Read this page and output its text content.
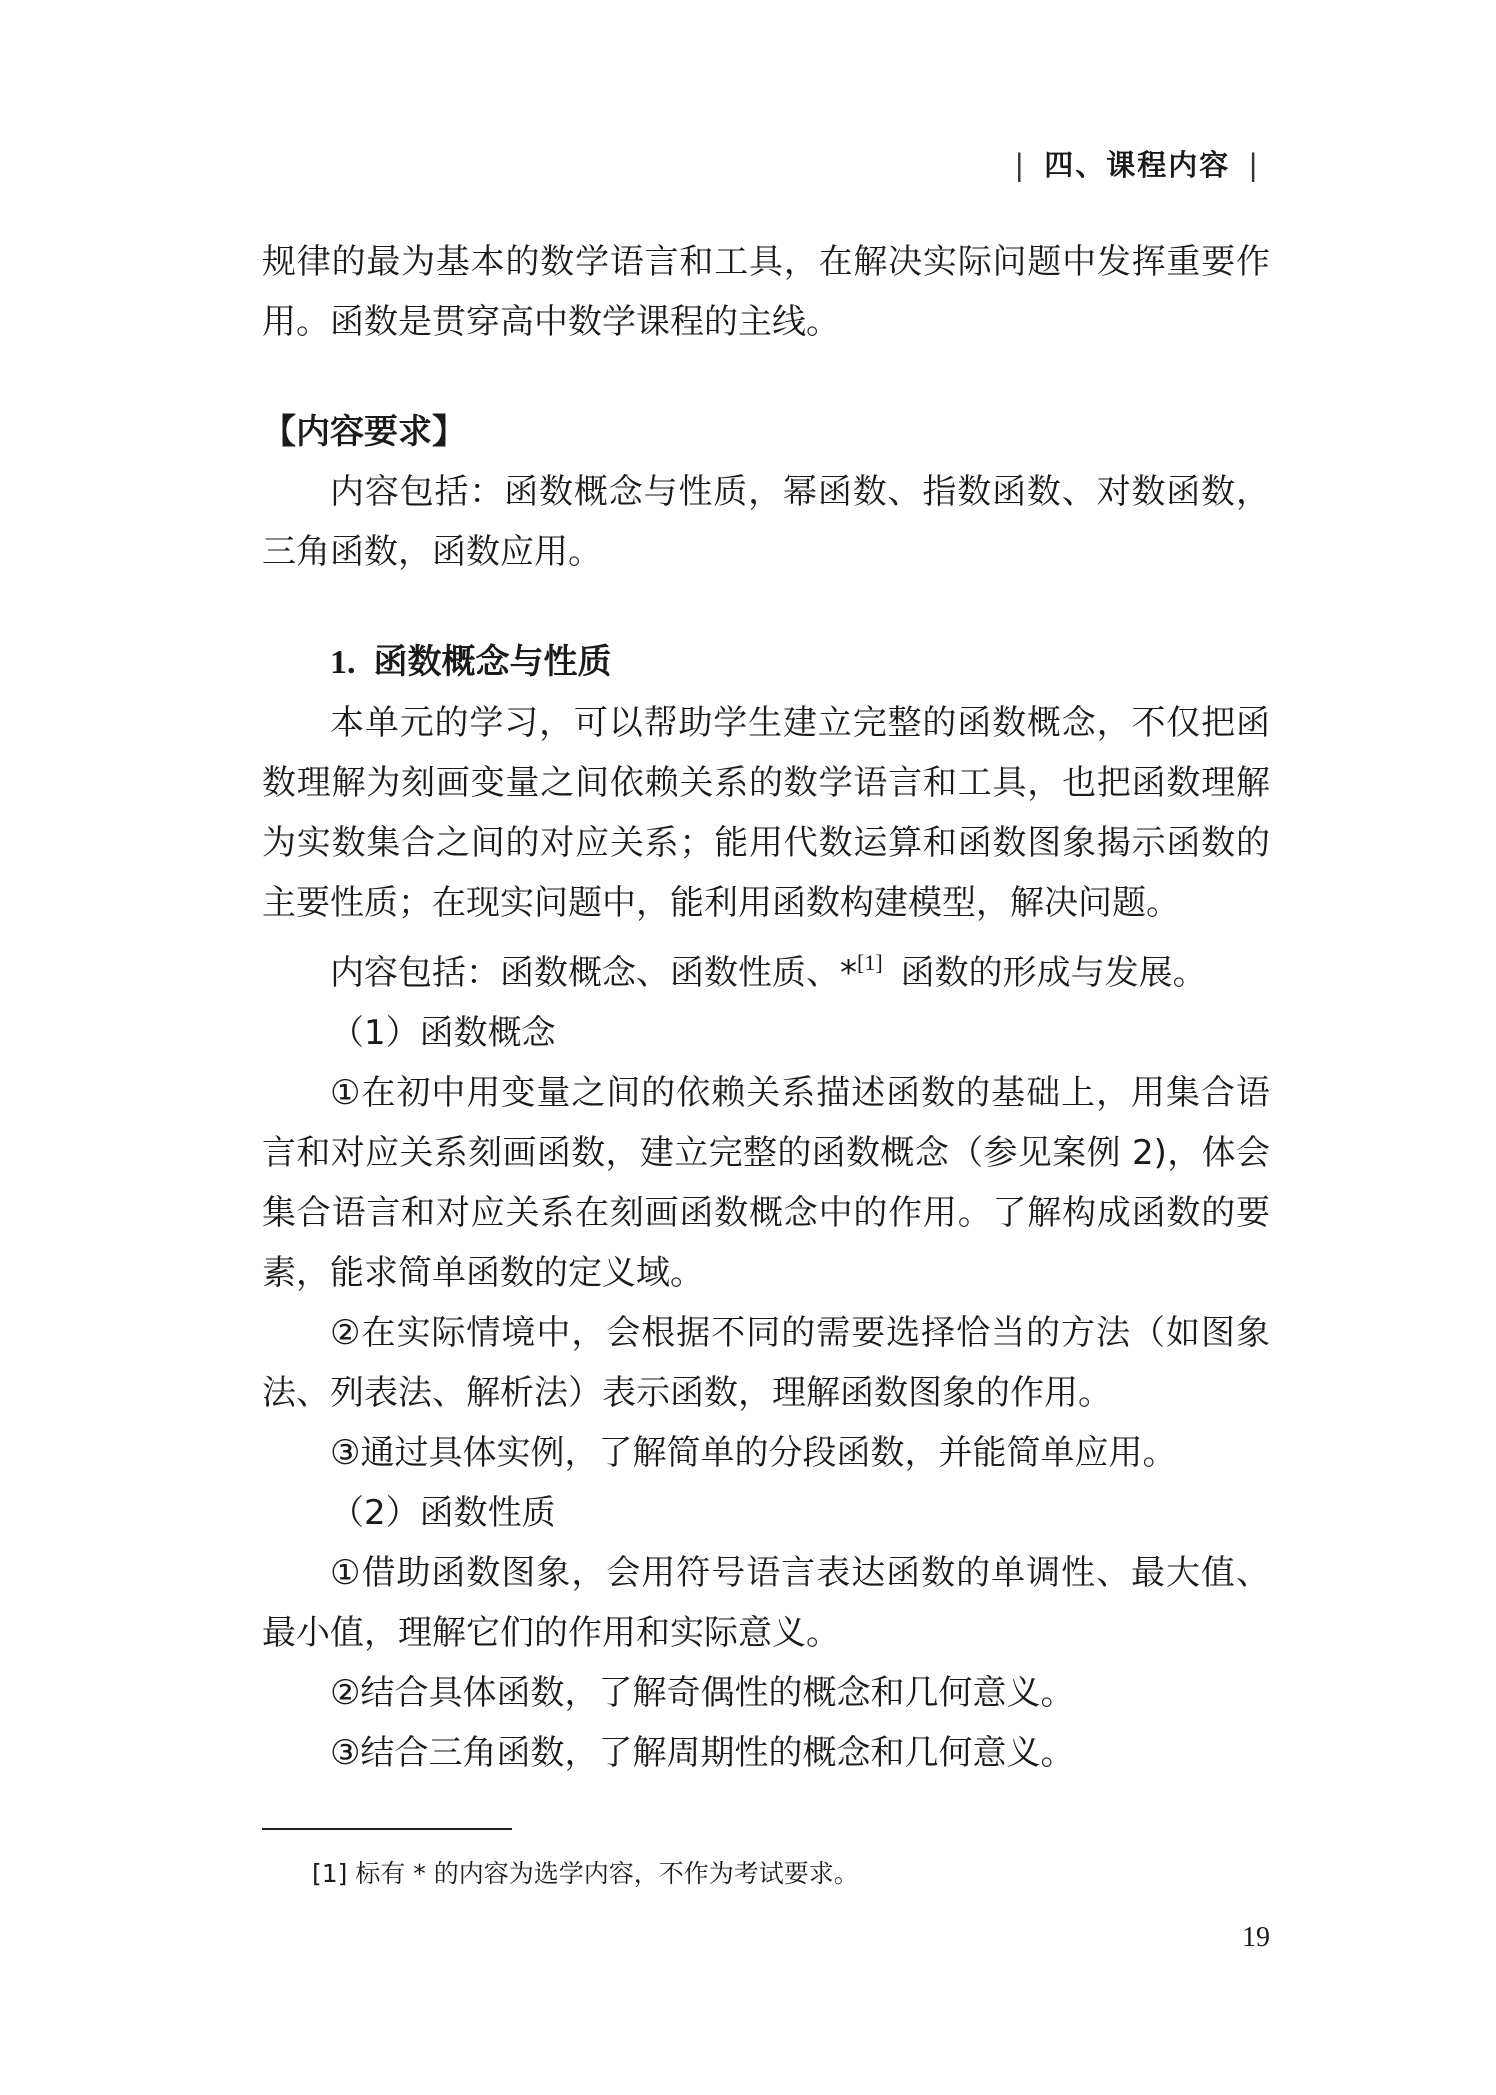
| 四、课程内容 |

规律的最为基本的数学语言和工具，在解决实际问题中发挥重要作用。函数是贯穿高中数学课程的主线。

【内容要求】

内容包括：函数概念与性质，幂函数、指数函数、对数函数，三角函数，函数应用。

1. 函数概念与性质

本单元的学习，可以帮助学生建立完整的函数概念，不仅把函数理解为刻画变量之间依赖关系的数学语言和工具，也把函数理解为实数集合之间的对应关系；能用代数运算和函数图象揭示函数的主要性质；在现实问题中，能利用函数构建模型，解决问题。

内容包括：函数概念、函数性质、*[1] 函数的形成与发展。

（1）函数概念

①在初中用变量之间的依赖关系描述函数的基础上，用集合语言和对应关系刻画函数，建立完整的函数概念（参见案例 2)，体会集合语言和对应关系在刻画函数概念中的作用。了解构成函数的要素，能求简单函数的定义域。

②在实际情境中，会根据不同的需要选择恰当的方法（如图象法、列表法、解析法）表示函数，理解函数图象的作用。

③通过具体实例，了解简单的分段函数，并能简单应用。

（2）函数性质

①借助函数图象，会用符号语言表达函数的单调性、最大值、最小值，理解它们的作用和实际意义。

②结合具体函数，了解奇偶性的概念和几何意义。

③结合三角函数，了解周期性的概念和几何意义。

[1] 标有 * 的内容为选学内容，不作为考试要求。
19
